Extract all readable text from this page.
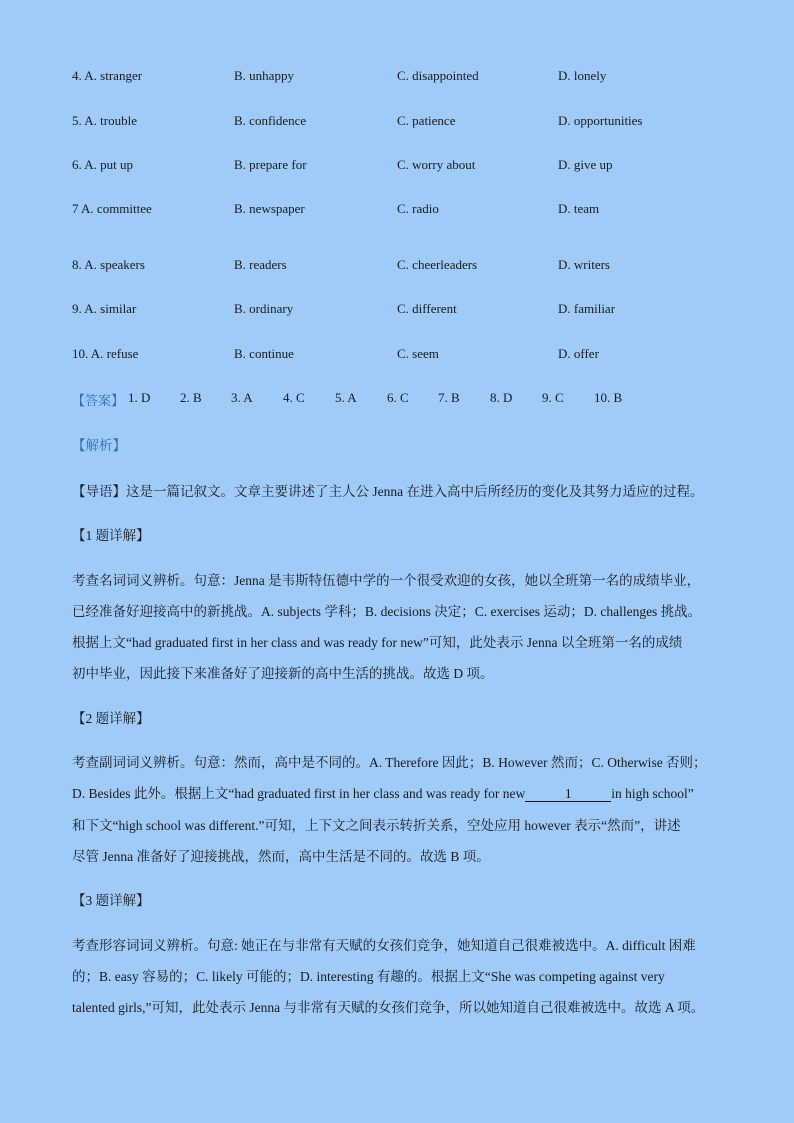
4. A. stranger	B. unhappy	C. disappointed	D. lonely
5. A. trouble	B. confidence	C. patience	D. opportunities
6. A. put up	B. prepare for	C. worry about	D. give up
7 A. committee	B. newspaper	C. radio	D. team
8. A. speakers	B. readers	C. cheerleaders	D. writers
9. A. similar	B. ordinary	C. different	D. familiar
10. A. refuse	B. continue	C. seem	D. offer
【答案】 1. D 2. B 3. A 4. C 5. A 6. C 7. B 8. D 9. C 10. B
【解析】
【导语】这是一篇记叙文。文章主要讲述了主人公 Jenna 在进入高中后所经历的变化及其努力适应的过程。
【1 题详解】
考查名词词义辨析。句意：Jenna 是韦斯特伍德中学的一个很受欢迎的女孩，她以全班第一名的成绩毕业，
已经准备好迎接高中的新挑战。A. subjects 学科；B. decisions 决定；C. exercises 运动；D. challenges 挑战。
根据上文“had graduated first in her class and was ready for new”可知，此处表示 Jenna 以全班第一名的成绩
初中毕业，因此接下来准备好了迎接新的高中生活的挑战。故选 D 项。
【2 题详解】
考查副词词义辨析。句意：然而，高中是不同的。A. Therefore 因此；B. However 然而；C. Otherwise 否则；
D. Besides 此外。根据上文“had graduated first in her class and was ready for new	1	in high school”
和下文“high school was different.”可知，上下文之间表示转折关系，空处应用 however 表示“然而”，讲述
尽管 Jenna 准备好了迎接挑战，然而，高中生活是不同的。故选 B 项。
【3 题详解】
考查形容词词义辨析。句意: 她正在与非常有天赋的女孩们竞争，她知道自己很难被选中。A. difficult 困难
的；B. easy 容易的；C. likely 可能的；D. interesting 有趣的。根据上文“She was competing against very
talented girls,”可知，此处表示 Jenna 与非常有天赋的女孩们竞争，所以她知道自己很难被选中。故选 A 项。
